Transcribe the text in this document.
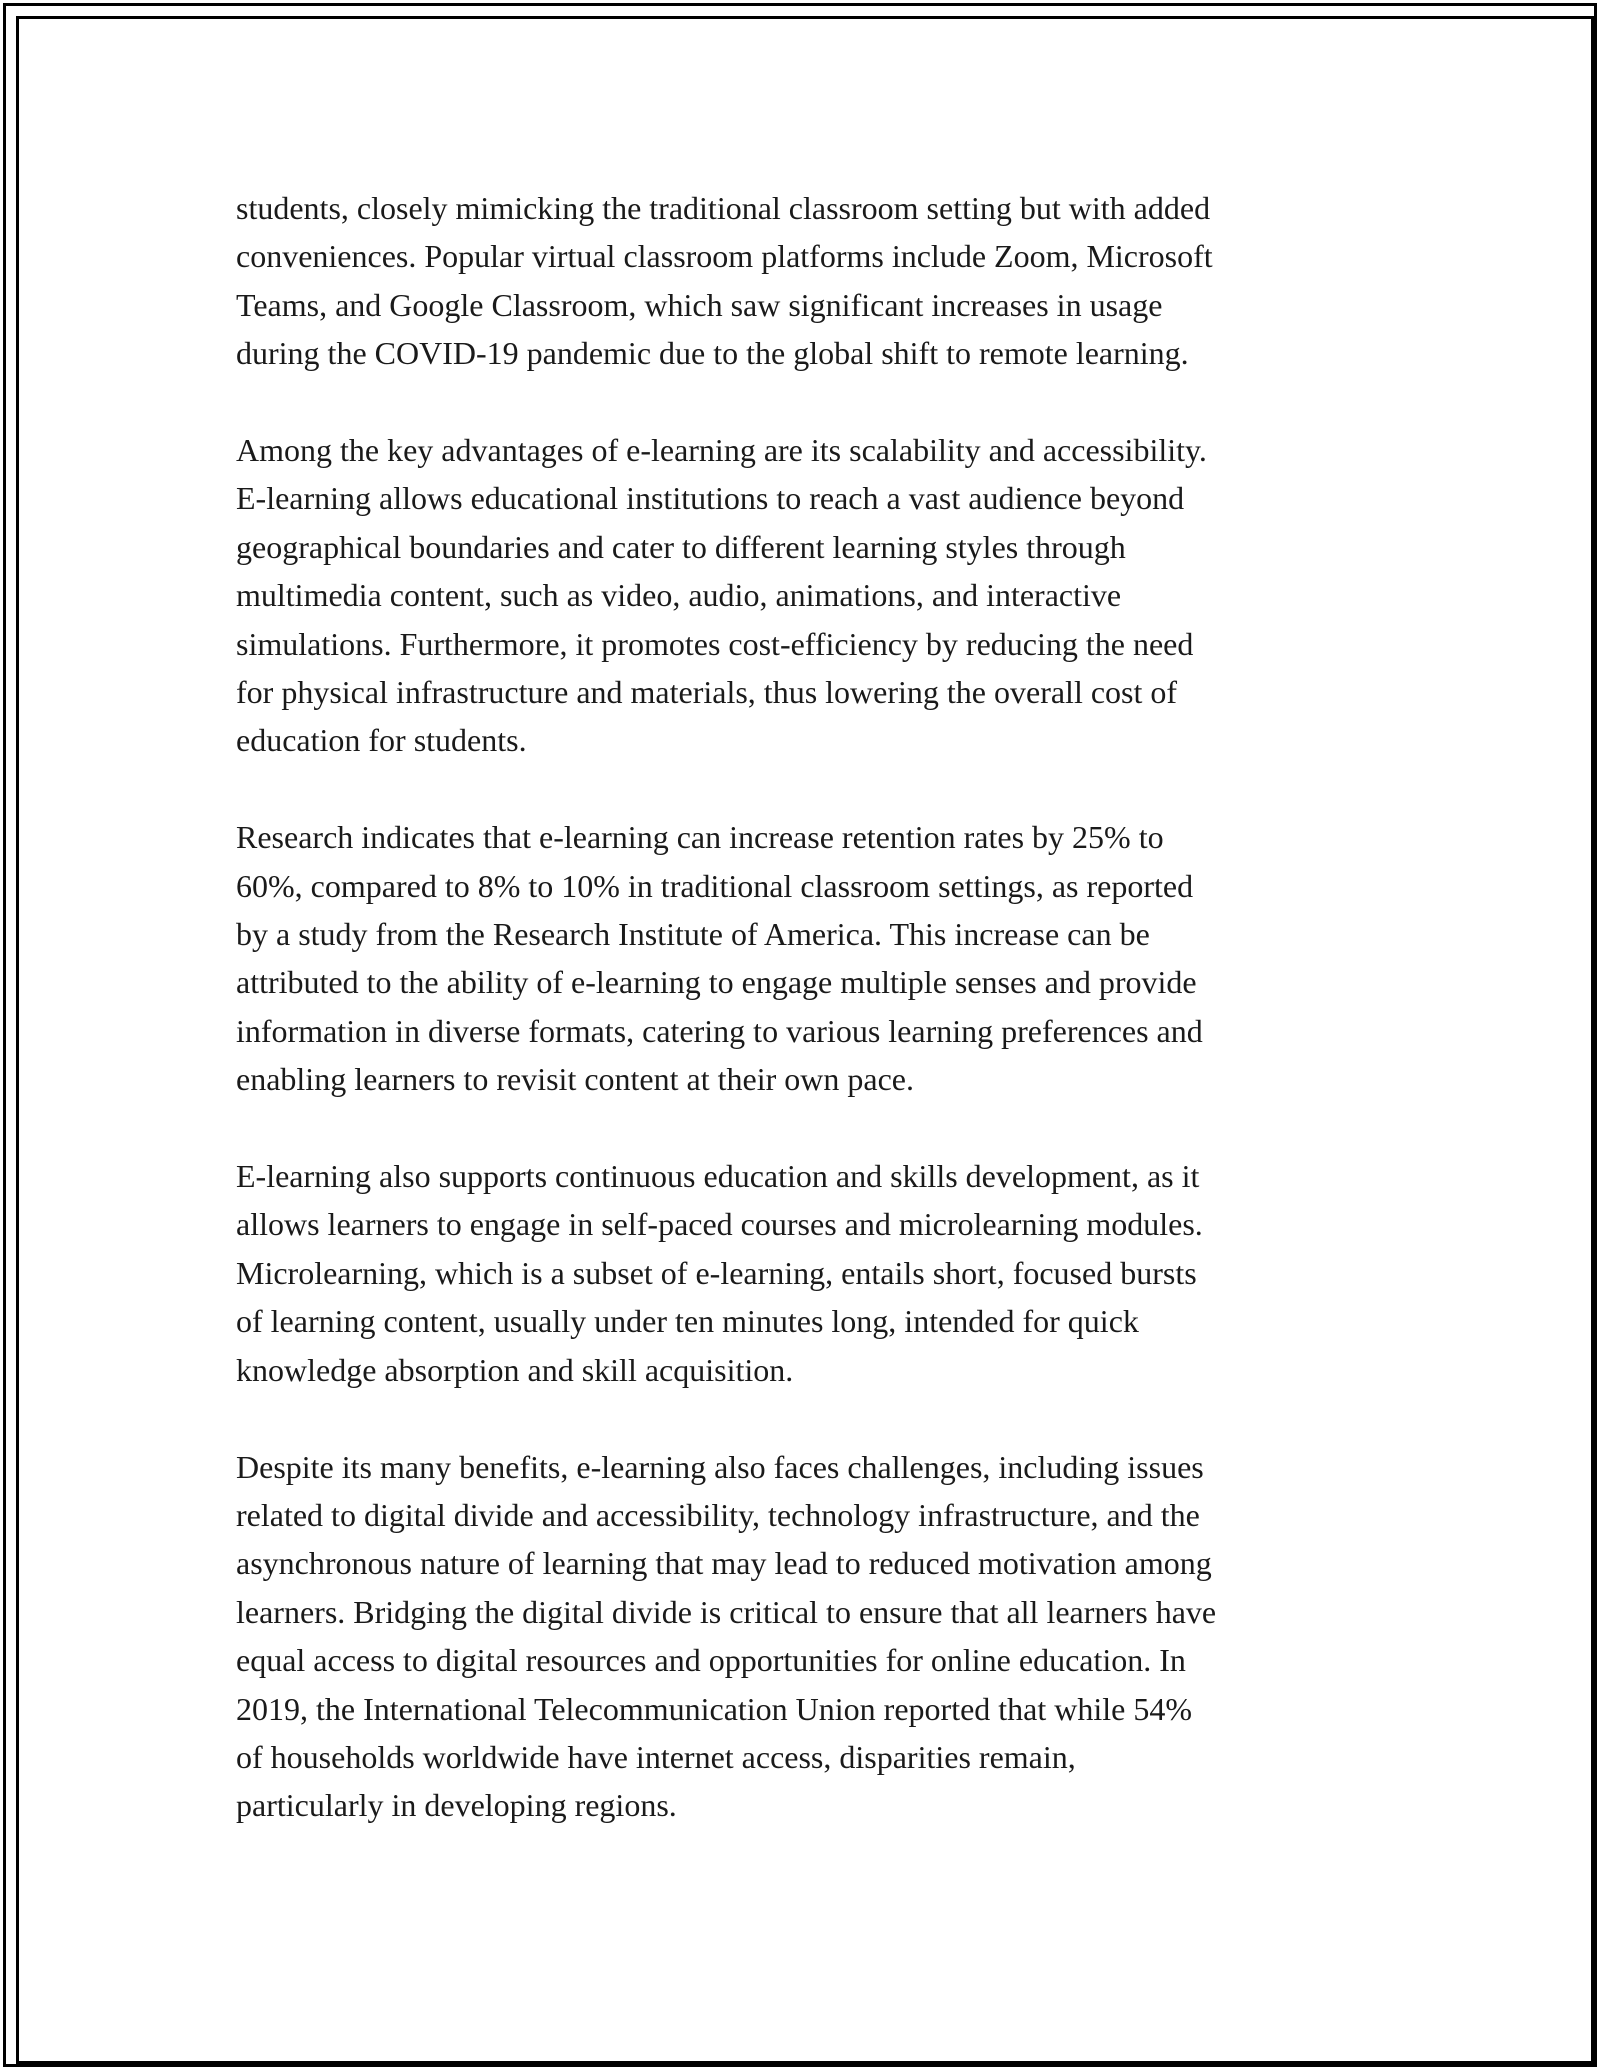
students, closely mimicking the traditional classroom setting but with added
conveniences. Popular virtual classroom platforms include Zoom, Microsoft
Teams, and Google Classroom, which saw significant increases in usage
during the COVID-19 pandemic due to the global shift to remote learning.

Among the key advantages of e-learning are its scalability and accessibility.
E-learning allows educational institutions to reach a vast audience beyond
geographical boundaries and cater to different learning styles through
multimedia content, such as video, audio, animations, and interactive
simulations. Furthermore, it promotes cost-efficiency by reducing the need
for physical infrastructure and materials, thus lowering the overall cost of
education for students.

Research indicates that e-learning can increase retention rates by 25% to
60%, compared to 8% to 10% in traditional classroom settings, as reported
by a study from the Research Institute of America. This increase can be
attributed to the ability of e-learning to engage multiple senses and provide
information in diverse formats, catering to various learning preferences and
enabling learners to revisit content at their own pace.

E-learning also supports continuous education and skills development, as it
allows learners to engage in self-paced courses and microlearning modules.
Microlearning, which is a subset of e-learning, entails short, focused bursts
of learning content, usually under ten minutes long, intended for quick
knowledge absorption and skill acquisition.

Despite its many benefits, e-learning also faces challenges, including issues
related to digital divide and accessibility, technology infrastructure, and the
asynchronous nature of learning that may lead to reduced motivation among
learners. Bridging the digital divide is critical to ensure that all learners have
equal access to digital resources and opportunities for online education. In
2019, the International Telecommunication Union reported that while 54%
of households worldwide have internet access, disparities remain,
particularly in developing regions.
